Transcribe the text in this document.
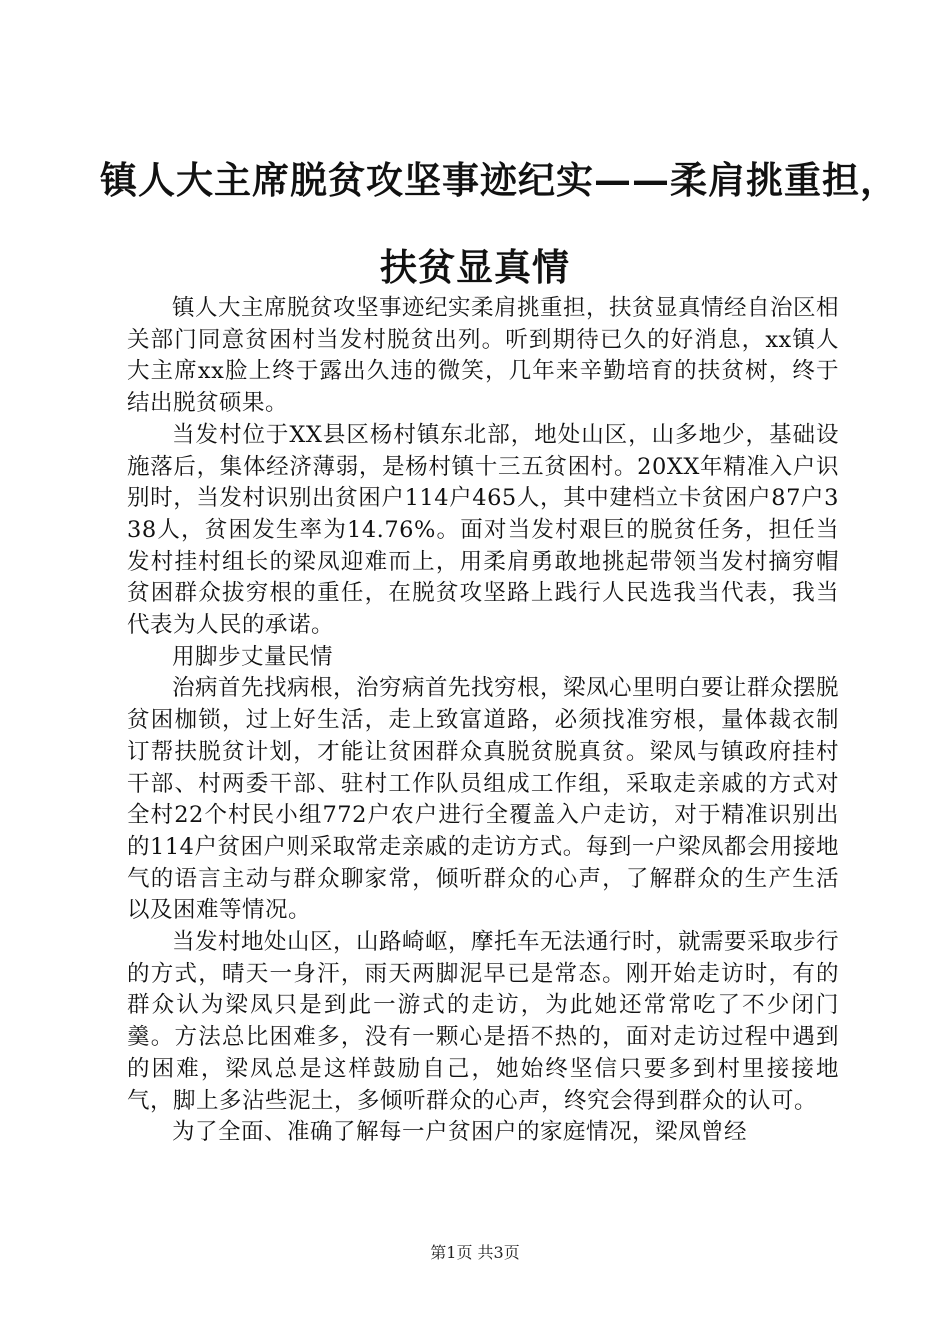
镇人大主席脱贫攻坚事迹纪实——柔肩挑重担，
扶贫显真情

镇人大主席脱贫攻坚事迹纪实柔肩挑重担，扶贫显真情经自治区相关部门同意贫困村当发村脱贫出列。听到期待已久的好消息，xx镇人大主席xx脸上终于露出久违的微笑，几年来辛勤培育的扶贫树，终于结出脱贫硕果。

当发村位于XX县区杨村镇东北部，地处山区，山多地少，基础设施落后，集体经济薄弱，是杨村镇十三五贫困村。20XX年精准入户识别时，当发村识别出贫困户114户465人，其中建档立卡贫困户87户338人，贫困发生率为14.76%。面对当发村艰巨的脱贫任务，担任当发村挂村组长的梁凤迎难而上，用柔肩勇敢地挑起带领当发村摘穷帽贫困群众拔穷根的重任，在脱贫攻坚路上践行人民选我当代表，我当代表为人民的承诺。

用脚步丈量民情

治病首先找病根，治穷病首先找穷根，梁凤心里明白要让群众摆脱贫困枷锁，过上好生活，走上致富道路，必须找准穷根，量体裁衣制订帮扶脱贫计划，才能让贫困群众真脱贫脱真贫。梁凤与镇政府挂村干部、村两委干部、驻村工作队员组成工作组，采取走亲戚的方式对全村22个村民小组772户农户进行全覆盖入户走访，对于精准识别出的114户贫困户则采取常走亲戚的走访方式。每到一户梁凤都会用接地气的语言主动与群众聊家常，倾听群众的心声，了解群众的生产生活以及困难等情况。

当发村地处山区，山路崎岖，摩托车无法通行时，就需要采取步行的方式，晴天一身汗，雨天两脚泥早已是常态。刚开始走访时，有的群众认为梁凤只是到此一游式的走访，为此她还常常吃了不少闭门羹。方法总比困难多，没有一颗心是捂不热的，面对走访过程中遇到的困难，梁凤总是这样鼓励自己，她始终坚信只要多到村里接接地气，脚上多沾些泥土，多倾听群众的心声，终究会得到群众的认可。

为了全面、准确了解每一户贫困户的家庭情况，梁凤曾经

第1页 共3页
